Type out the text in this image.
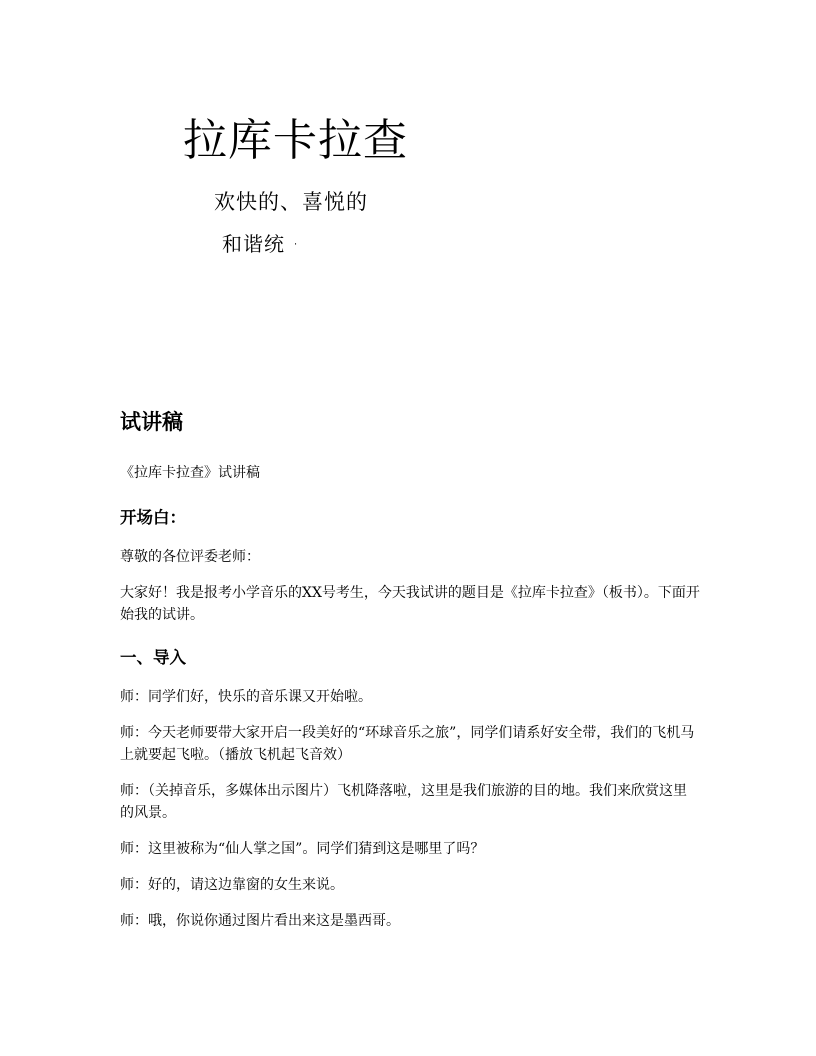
拉库卡拉查

欢快的、喜悦的

和谐统 ·

试讲稿

《拉库卡拉查》试讲稿

开场白：

尊敬的各位评委老师：

大家好！我是报考小学音乐的XX号考生，今天我试讲的题目是《拉库卡拉查》（板书）。下面开始我的试讲。

一、导入

师：同学们好，快乐的音乐课又开始啦。

师：今天老师要带大家开启一段美好的“环球音乐之旅”，同学们请系好安全带，我们的飞机马上就要起飞啦。（播放飞机起飞音效）

师：（关掉音乐，多媒体出示图片）飞机降落啦，这里是我们旅游的目的地。我们来欣赏这里的风景。

师：这里被称为“仙人掌之国”。同学们猜到这是哪里了吗？

师：好的，请这边靠窗的女生来说。

师：哦，你说你通过图片看出来这是墨西哥。
